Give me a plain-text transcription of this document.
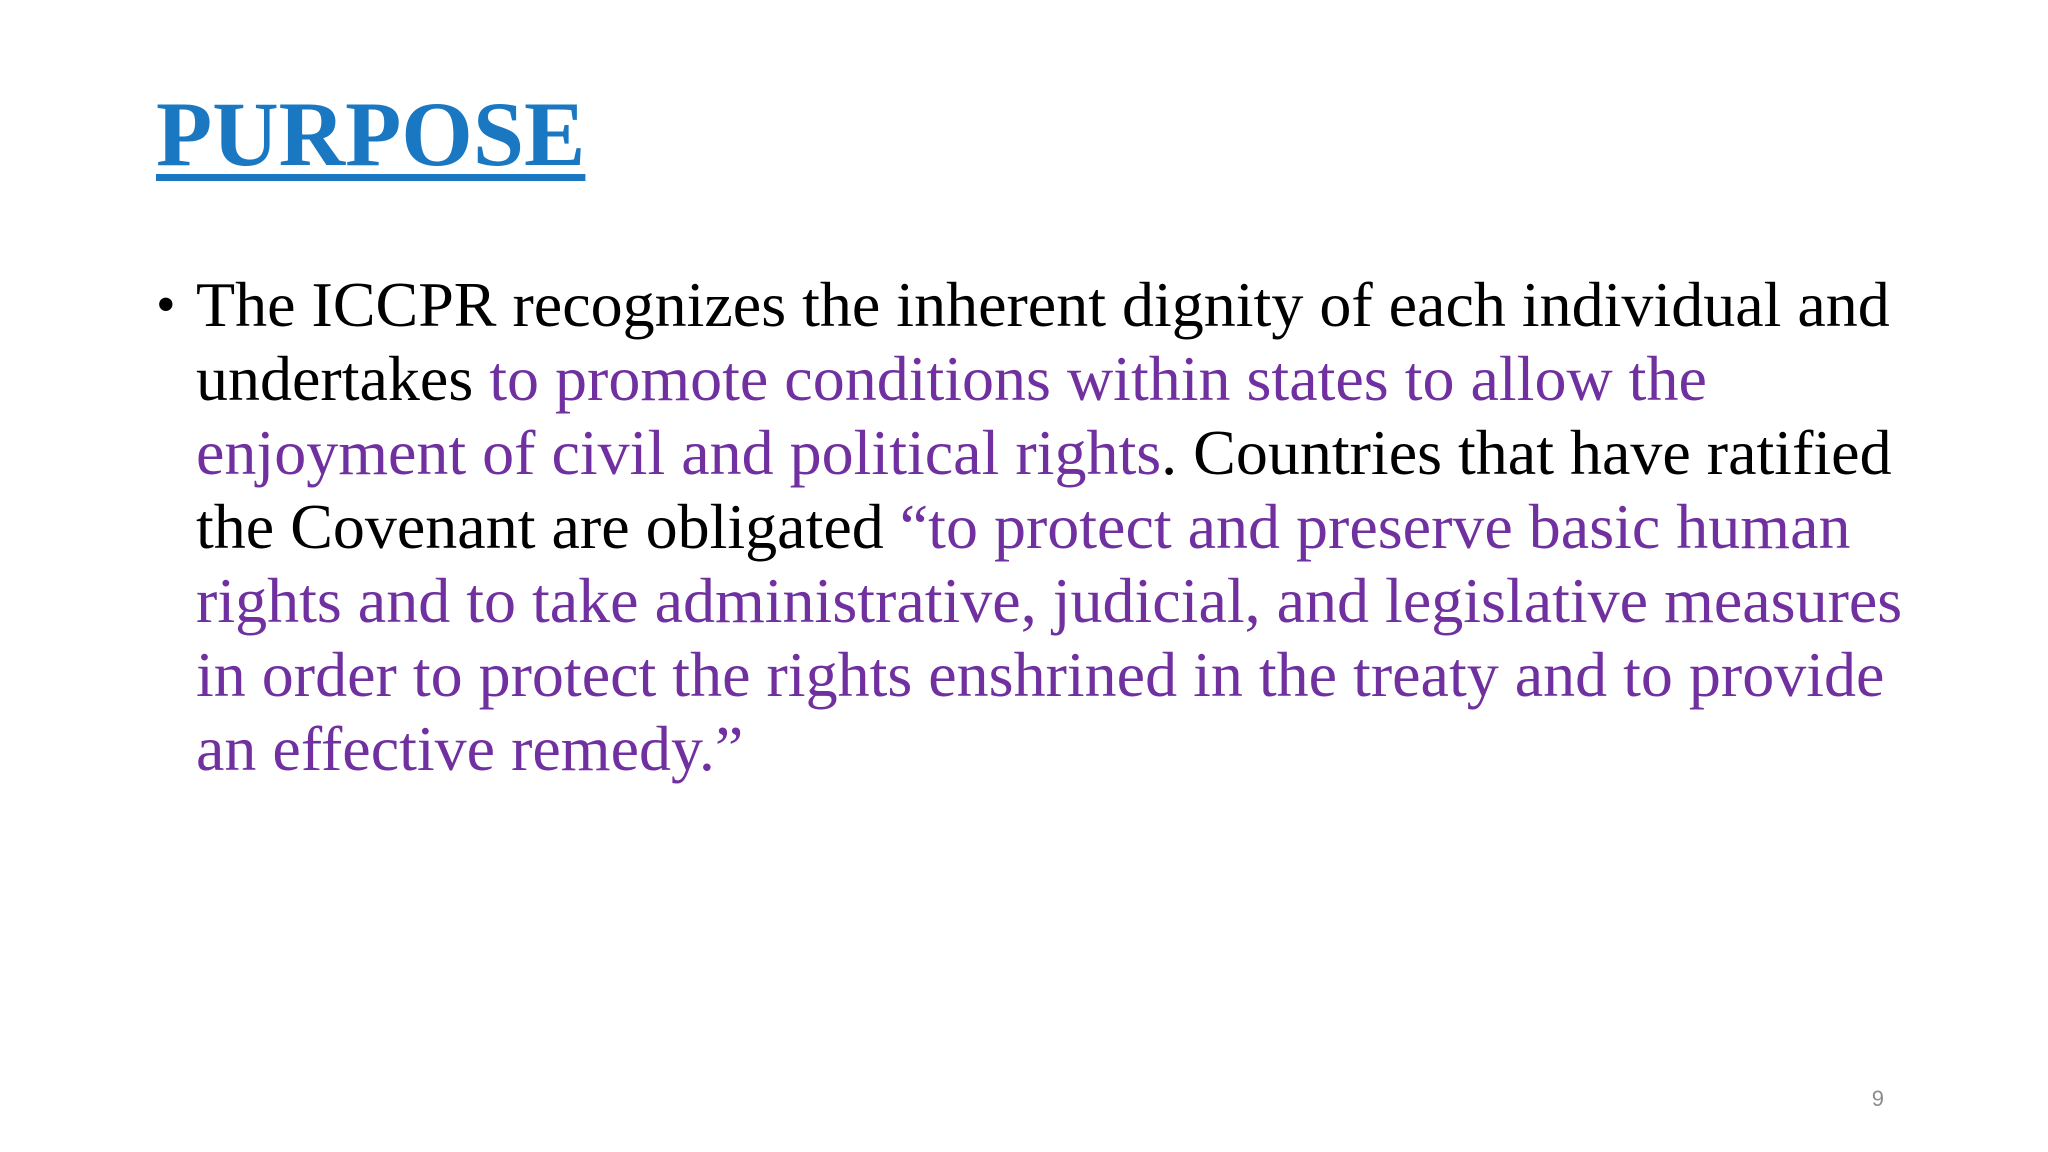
PURPOSE
• The ICCPR recognizes the inherent dignity of each individual and undertakes to promote conditions within states to allow the enjoyment of civil and political rights. Countries that have ratified the Covenant are obligated “to protect and preserve basic human rights and to take administrative, judicial, and legislative measures in order to protect the rights enshrined in the treaty and to provide an effective remedy.”
9
